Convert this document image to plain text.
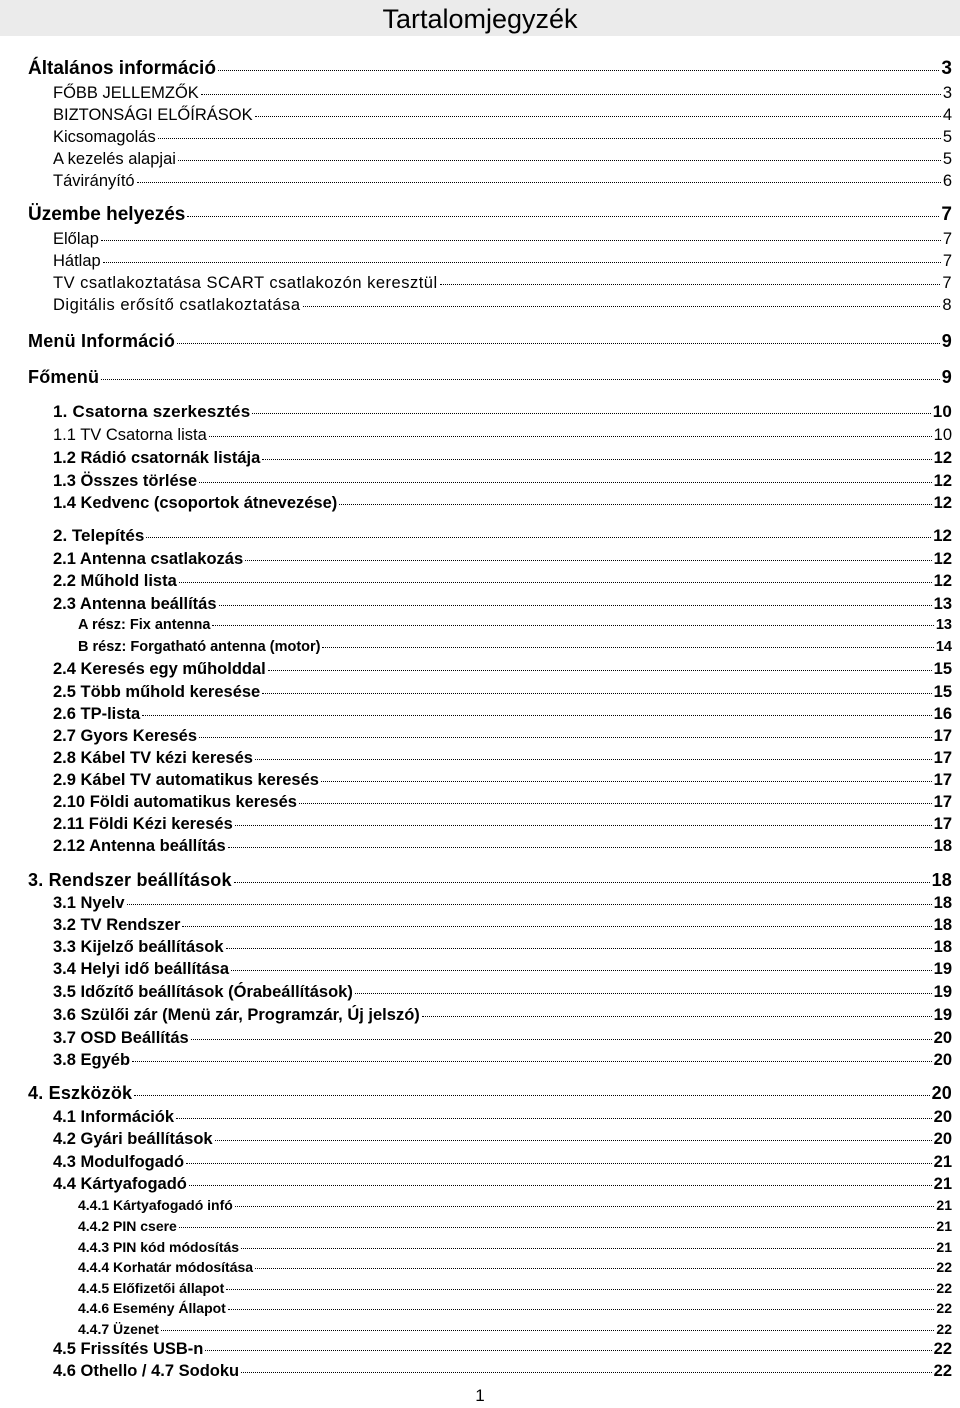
Tartalomjegyzék
Általános információ	3
FŐBB JELLEMZŐK	3
BIZTONSÁGI ELŐÍRÁSOK	4
Kicsomagolás	5
A kezelés alapjai	5
Távirányító	6
Üzembe helyezés	7
Előlap	7
Hátlap	7
TV csatlakoztatása SCART csatlakozón keresztül	7
Digitális erősítő csatlakoztatása	8
Menü Információ	9
Főmenü	9
1. Csatorna szerkesztés	10
1.1 TV Csatorna lista	10
1.2 Rádió csatornák listája	12
1.3 Összes törlése	12
1.4 Kedvenc (csoportok átnevezése)	12
2. Telepítés	12
2.1 Antenna csatlakozás	12
2.2 Műhold lista	12
2.3 Antenna beállítás	13
A rész: Fix antenna	13
B rész: Forgatható antenna (motor)	14
2.4 Keresés egy műholddal	15
2.5 Több műhold keresése	15
2.6 TP-lista	16
2.7 Gyors Keresés	17
2.8 Kábel TV kézi keresés	17
2.9 Kábel TV automatikus keresés	17
2.10 Földi automatikus keresés	17
2.11 Földi Kézi keresés	17
2.12 Antenna beállítás	18
3. Rendszer beállítások	18
3.1 Nyelv	18
3.2 TV Rendszer	18
3.3 Kijelző beállítások	18
3.4 Helyi idő beállítása	19
3.5 Időzítő beállítások (Órabeállítások)	19
3.6 Szülői zár (Menü zár, Programzár, Új jelszó)	19
3.7 OSD Beállítás	20
3.8 Egyéb	20
4. Eszközök	20
4.1 Információk	20
4.2 Gyári beállítások	20
4.3 Modulfogadó	21
4.4 Kártyafogadó	21
4.4.1 Kártyafogadó infó	21
4.4.2 PIN csere	21
4.4.3 PIN kód módosítás	21
4.4.4 Korhatár módosítása	22
4.4.5 Előfizetői állapot	22
4.4.6 Esemény Állapot	22
4.4.7 Üzenet	22
4.5 Frissítés USB-n	22
4.6 Othello / 4.7 Sodoku	22
1
